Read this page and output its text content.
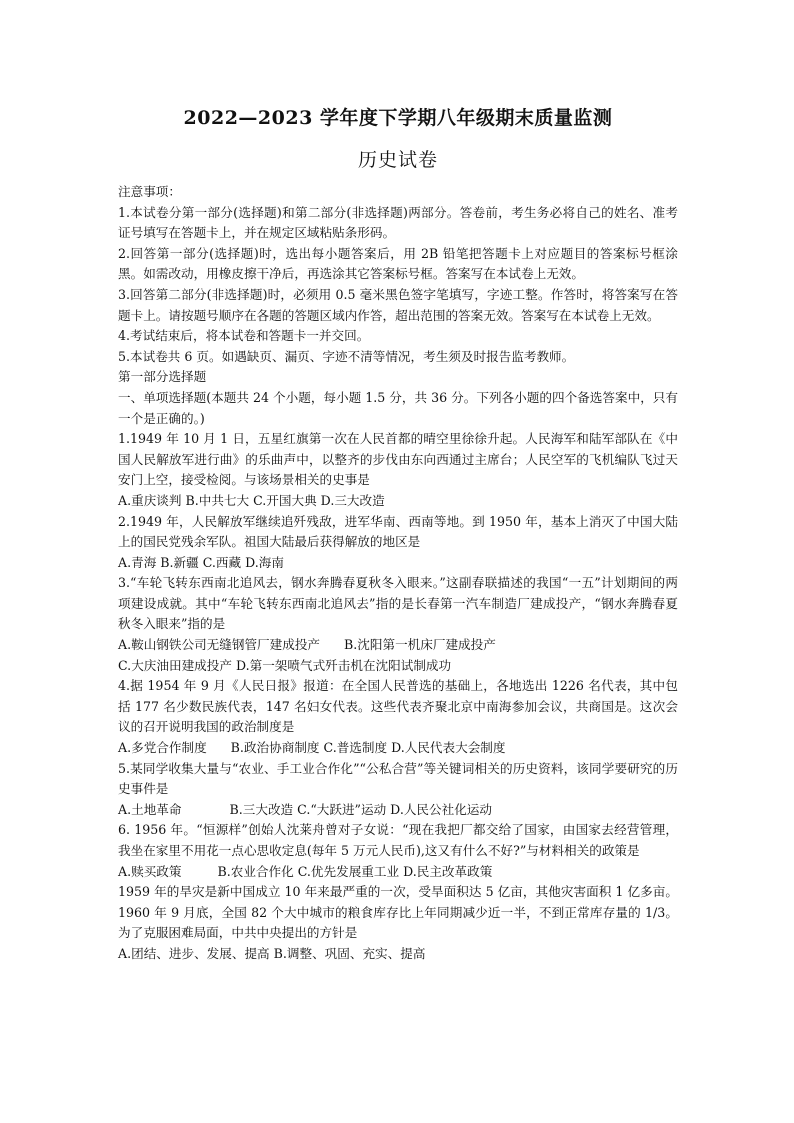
2022—2023 学年度下学期八年级期末质量监测
历史试卷

注意事项：

1.本试卷分第一部分(选择题)和第二部分(非选择题)两部分。答卷前，考生务必将自己的姓名、准考证号填写在答题卡上，并在规定区域粘贴条形码。

2.回答第一部分(选择题)时，选出每小题答案后，用 2B 铅笔把答题卡上对应题目的答案标号框涂黑。如需改动，用橡皮擦干净后，再选涂其它答案标号框。答案写在本试卷上无效。

3.回答第二部分(非选择题)时，必须用 0.5 毫米黑色签字笔填写，字迹工整。作答时，将答案写在答题卡上。请按题号顺序在各题的答题区域内作答，超出范围的答案无效。答案写在本试卷上无效。

4.考试结束后，将本试卷和答题卡一并交回。

5.本试卷共 6 页。如遇缺页、漏页、字迹不清等情况，考生须及时报告监考教师。

第一部分选择题

一、单项选择题(本题共 24 个小题，每小题 1.5 分，共 36 分。下列各小题的四个备选答案中，只有一个是正确的。)

1.1949 年 10 月 1 日，五星红旗第一次在人民首都的晴空里徐徐升起。人民海军和陆军部队在《中国人民解放军进行曲》的乐曲声中，以整齐的步伐由东向西通过主席台；人民空军的飞机编队飞过天安门上空，接受检阅。与该场景相关的史事是

A.重庆谈判 B.中共七大 C.开国大典 D.三大改造

2.1949 年，人民解放军继续追歼残敌，进军华南、西南等地。到 1950 年，基本上消灭了中国大陆上的国民党残余军队。祖国大陆最后获得解放的地区是

A.青海 B.新疆 C.西藏 D.海南

3.“车轮飞转东西南北追风去，钢水奔腾春夏秋冬入眼来。”这副春联描述的我国“一五”计划期间的两项建设成就。其中“车轮飞转东西南北追风去”指的是长春第一汽车制造厂建成投产，“钢水奔腾春夏秋冬入眼来”指的是

A.鞍山钢铁公司无缝钢管厂建成投产      B.沈阳第一机床厂建成投产

C.大庆油田建成投产 D.第一架喷气式歼击机在沈阳试制成功

4.据 1954 年 9 月《人民日报》报道：在全国人民普选的基础上，各地选出 1226 名代表，其中包括 177 名少数民族代表，147 名妇女代表。这些代表齐聚北京中南海参加会议，共商国是。这次会议的召开说明我国的政治制度是

A.多党合作制度      B.政治协商制度 C.普选制度 D.人民代表大会制度

5.某同学收集大量与“农业、手工业合作化”“公私合营”等关键词相关的历史资料，该同学要研究的历史事件是

A.土地革命            B.三大改造 C.“大跃进”运动 D.人民公社化运动

6. 1956 年。“恒源样”创始人沈莱舟曾对子女说：“现在我把厂都交给了国家，由国家去经营管理，我坐在家里不用花一点心思收定息(每年 5 万元人民币),这又有什么不好?”与材料相关的政策是

A.赎买政策         B.农业合作化 C.优先发展重工业 D.民主改革政策

1959 年的旱灾是新中国成立 10 年来最严重的一次，受旱面积达 5 亿亩，其他灾害面积 1 亿多亩。1960 年 9 月底，全国 82 个大中城市的粮食库存比上年同期减少近一半，不到正常库存量的 1/3。为了克服困难局面，中共中央提出的方针是

A.团结、进步、发展、提高 B.调整、巩固、充实、提高
